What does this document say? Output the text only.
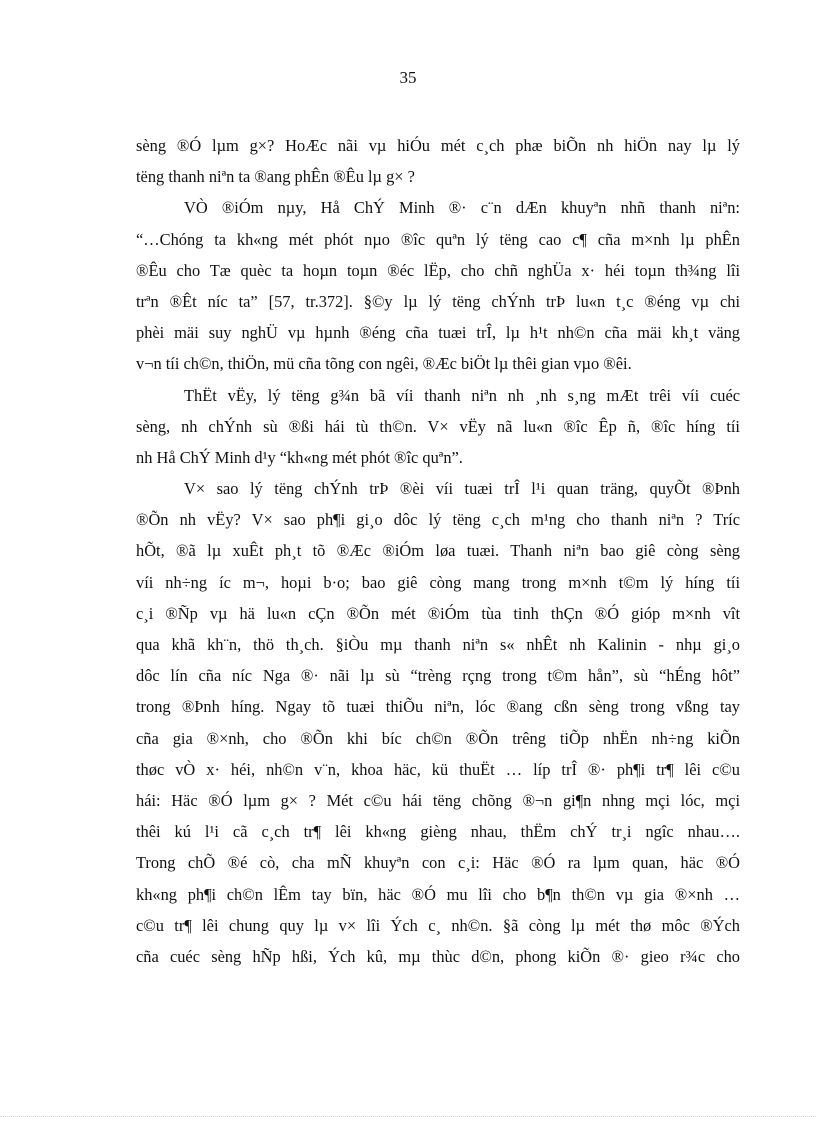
35
sèng ®Ó lµm g×? HoÆc nãi vµ hiÓu mét c¸ch phæ biÕn nh hiÖn nay lµ lý
tëng thanh niªn ta ®ang phÊn ®Êu lµ g× ?
VÒ ®iÓm nµy, Hå ChÝ Minh ®· c¨n dÆn khuyªn nhñ thanh niªn:
“…Chóng ta kh«ng mét phót nµo ®îc quªn lý tëng cao c¶ cña m×nh lµ phÊn
®Êu cho Tæ quèc ta hoµn toµn ®éc lËp, cho chñ nghÜa x· héi toµn th¾ng lîi
trªn ®Êt níc ta” [57, tr.372]. §©y lµ lý tëng chÝnh trÞ lu«n t¸c ®éng vµ chi
phèi mäi suy nghÜ vµ hµnh ®éng cña tuæi trÎ, lµ h¹t nh©n cña mäi kh¸t väng
v¬n tíi ch©n, thiÖn, mü cña tõng con ngêi, ®Æc biÖt lµ thêi gian vµo ®êi.
ThËt vËy, lý tëng g¾n bã víi thanh niªn nh ¸nh s¸ng mÆt trêi víi cuéc
sèng, nh chÝnh sù ®ßi hái tù th©n. V× vËy nã lu«n ®îc Êp ñ, ®îc híng tíi
nh Hå ChÝ Minh d¹y “kh«ng mét phót ®îc quªn”.
V× sao lý tëng chÝnh trÞ ®èi víi tuæi trÎ l¹i quan träng, quyÕt ®Þnh
®Õn nh vËy? V× sao ph¶i gi¸o dôc lý tëng c¸ch m¹ng cho thanh niªn ? Tríc
hÕt, ®ã lµ xuÊt ph¸t tõ ®Æc ®iÓm løa tuæi. Thanh niªn bao giê còng sèng
víi nh÷ng íc m¬, hoµi b·o; bao giê còng mang trong m×nh t©m lý híng tíi
c¸i ®Ñp vµ hä lu«n cÇn ®Õn mét ®iÓm tùa tinh thÇn ®Ó gióp m×nh vît
qua khã kh¨n, thö th¸ch. §iÒu mµ thanh niªn s« nhÊt nh Kalinin - nhµ gi¸o
dôc lín cña níc Nga ®· nãi lµ sù “trèng rçng trong t©m hån”, sù “hÉng hôt”
trong ®Þnh híng. Ngay tõ tuæi thiÕu niªn, lóc ®ang cßn sèng trong vßng tay
cña gia ®×nh, cho ®Õn khi bíc ch©n ®Õn trêng tiÕp nhËn nh÷ng kiÕn
thøc vÒ x· héi, nh©n v¨n, khoa häc, kü thuËt … líp trÎ ®· ph¶i tr¶ lêi c©u
hái: Häc ®Ó lµm g× ? Mét c©u hái tëng chõng ®¬n gi¶n nhng mçi lóc, mçi
thêi kú l¹i cã c¸ch tr¶ lêi kh«ng gièng nhau, thËm chÝ tr¸i ngîc nhau….
Trong chÕ ®é cò, cha mÑ khuyªn con c¸i: Häc ®Ó ra lµm quan, häc ®Ó
kh«ng ph¶i ch©n lÊm tay bïn, häc ®Ó mu lîi cho b¶n th©n vµ gia ®×nh …
c©u tr¶ lêi chung quy lµ v× lîi Ých c¸ nh©n. §ã còng lµ mét thø môc ®Ých
cña cuéc sèng hÑp hßi, Ých kû, mµ thùc d©n, phong kiÕn ®· gieo r¾c cho
